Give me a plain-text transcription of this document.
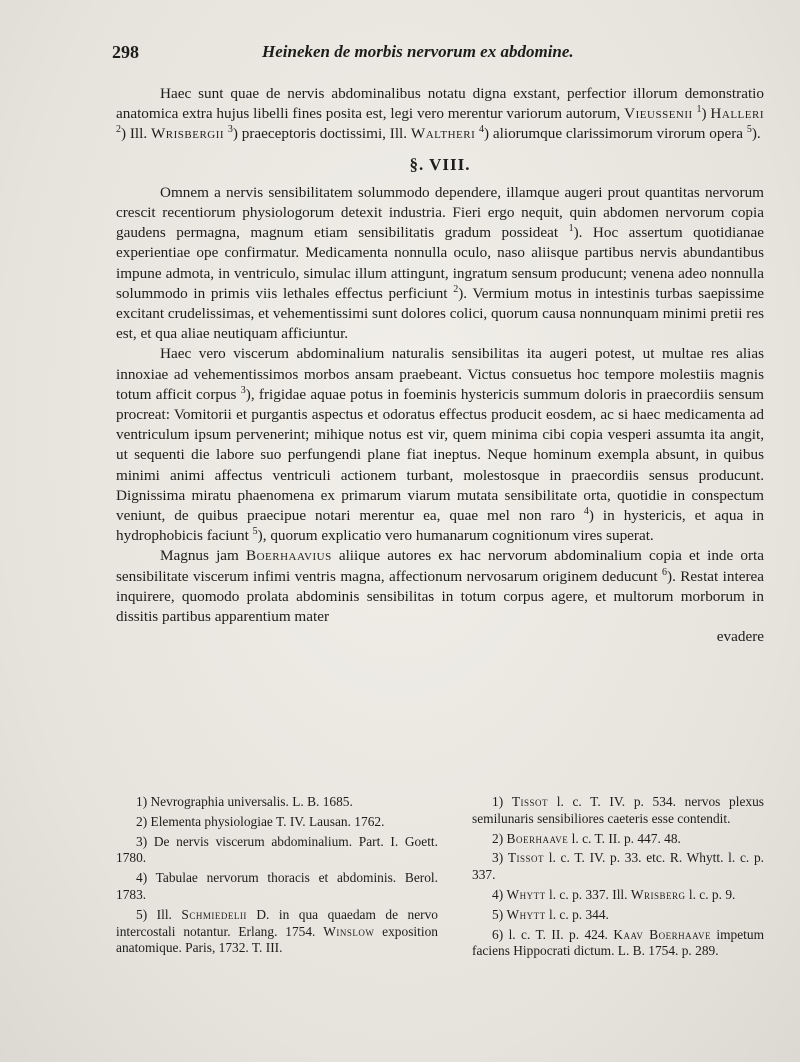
298	Heineken de morbis nervorum ex abdomine.

Haec sunt quae de nervis abdominalibus notatu digna exstant, perfectior illorum demonstratio anatomica extra hujus libelli fines posita est, legi vero merentur variorum autorum, Vieussenii $^1$) Halleri $^2$) Ill. Wrisbergii $^3$) praeceptoris doctissimi, Ill. Waltheri $^4$) aliorumque clarissimorum virorum opera $^5$).

§. VIII.

Omnem a nervis sensibilitatem solummodo dependere, illamque augeri prout quantitas nervorum crescit recentiorum physiologorum detexit industria. Fieri ergo nequit, quin abdomen nervorum copia gaudens permagna, magnum etiam sensibilitatis gradum possideat $^1$). Hoc assertum quotidianae experientiae ope confirmatur. Medicamenta nonnulla oculo, naso aliisque partibus nervis abundantibus impune admota, in ventriculo, simulac illum attingunt, ingratum sensum producunt; venena adeo nonnulla solummodo in primis viis lethales effectus perficiunt $^2$). Vermium motus in intestinis turbas saepissime excitant crudelissimas, et vehementissimi sunt dolores colici, quorum causa nonnunquam minimi pretii res est, et qua aliae neutiquam afficiuntur.

Haec vero viscerum abdominalium naturalis sensibilitas ita augeri potest, ut multae res alias innoxiae ad vehementissimos morbos ansam praebeant. Victus consuetus hoc tempore molestiis magnis totum afficit corpus $^3$), frigidae aquae potus in foeminis hystericis summum doloris in praecordiis sensum procreat: Vomitorii et purgantis aspectus et odoratus effectus producit eosdem, ac si haec medicamenta ad ventriculum ipsum pervenerint; mihique notus est vir, quem minima cibi copia vesperi assumta ita angit, ut sequenti die labore suo perfungendi plane fiat ineptus. Neque hominum exempla absunt, in quibus minimi animi affectus ventriculi actionem turbant, molestosque in praecordiis sensus producunt. Dignissima miratu phaenomena ex primarum viarum mutata sensibilitate orta, quotidie in conspectum veniunt, de quibus praecipue notari merentur ea, quae mel non raro $^4$) in hystericis, et aqua in hydrophobicis faciunt $^5$), quorum explicatio vero humanarum cognitionum vires superat.

Magnus jam Boerhaavius aliique autores ex hac nervorum abdominalium copia et inde orta sensibilitate viscerum infimi ventris magna, affectionum nervosarum originem deducunt $^6$). Restat interea inquirere, quomodo prolata abdominis sensibilitas in totum corpus agere, et multorum morborum in dissitis partibus apparentium mater

evadere
1) Nevrographia universalis. L. B. 1685.
2) Elementa physiologiae T. IV. Lausan. 1762.
3) De nervis viscerum abdominalium. Part. I. Goett. 1780.
4) Tabulae nervorum thoracis et abdominis. Berol. 1783.
5) Ill. Schmiedelii D. in qua quaedam de nervo intercostali notantur. Erlang. 1754. Winslow exposition anatomique. Paris, 1732. T. III.
1) Tissot l. c. T. IV. p. 534. nervos plexus semilunaris sensibiliores caeteris esse contendit.
2) Boerhaave l. c. T. II. p. 447. 48.
3) Tissot l. c. T. IV. p. 33. etc. R. Whytt. l. c. p. 337.
4) Whytt l. c. p. 337. Ill. Wrisberg l. c. p. 9.
5) Whytt l. c. p. 344.
6) l. c. T. II. p. 424. Kaav Boerhaave impetum faciens Hippocrati dictum. L. B. 1754. p. 289.
